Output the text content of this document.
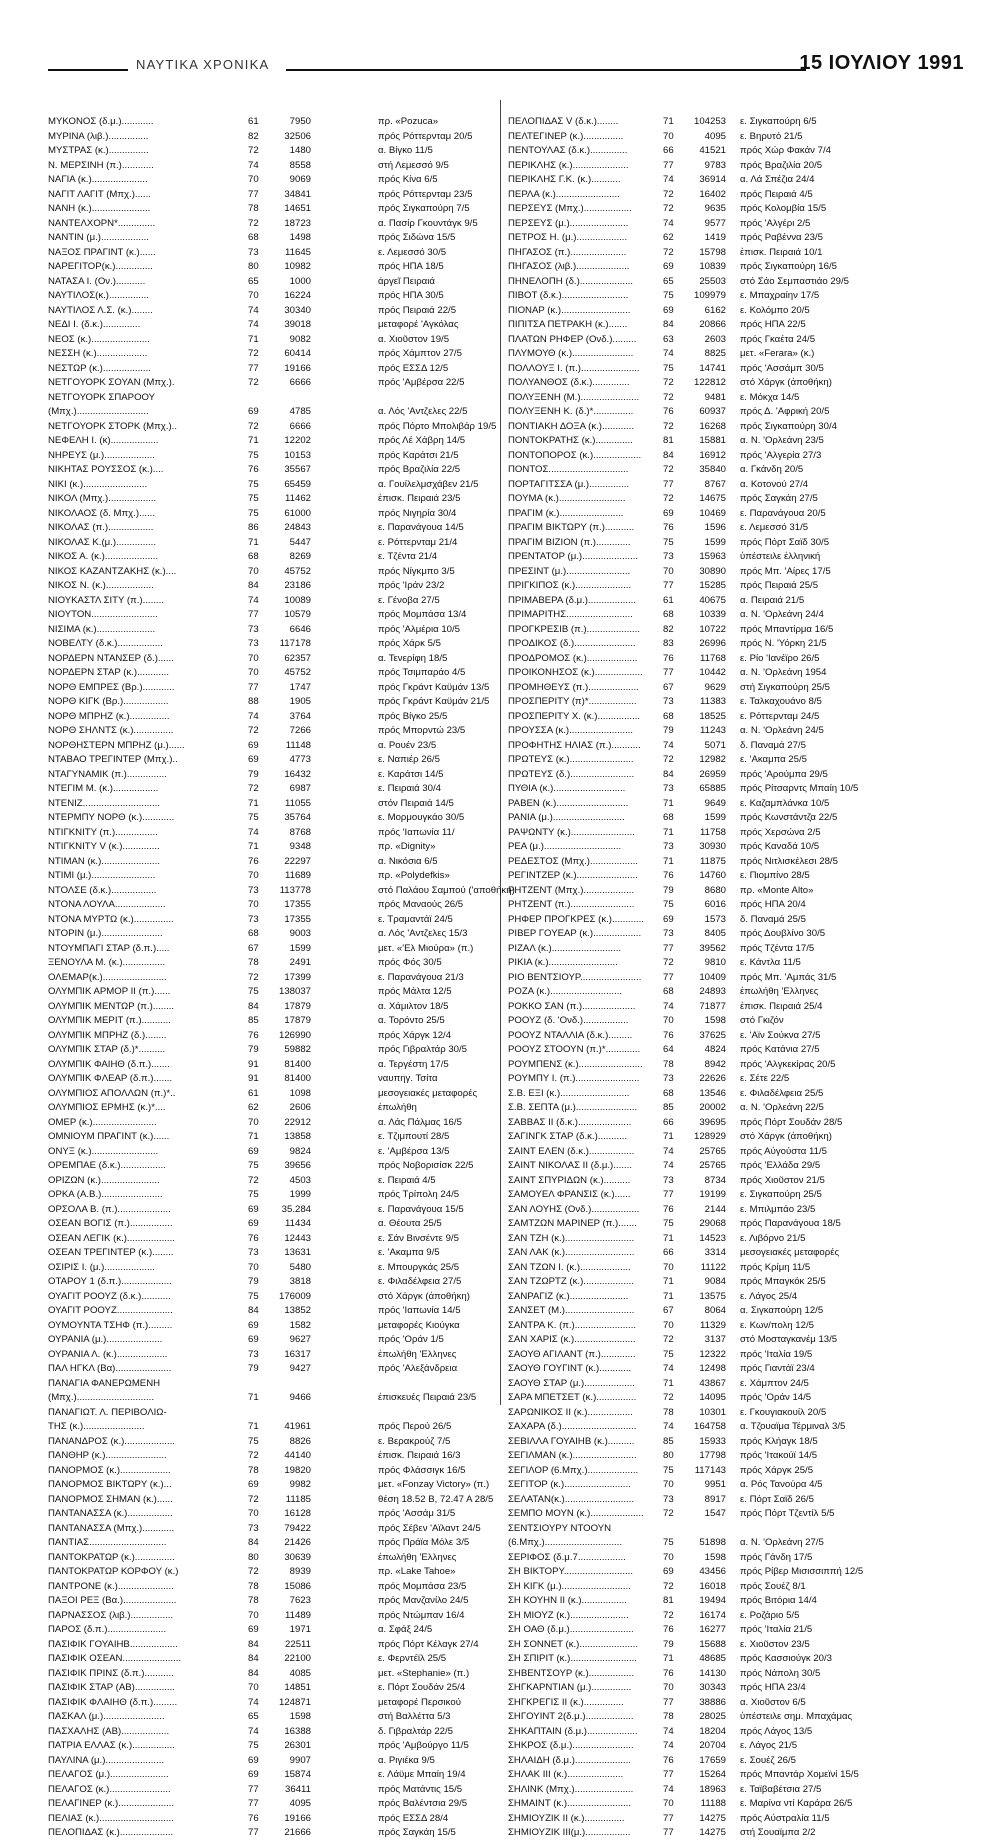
ΝΑΥΤΙΚΑ ΧΡΟΝΙΚΑ	15 ΙΟΥΛΙΟΥ 1991
ΜΥΚΟΝΟΣ (δ.μ.)............	61	7950	πρ. «Pozuca»
ΜΥΡΙΝΑ (λιβ.)...............	82	32506	πρός Ρόττερνταμ 20/5
ΜΥΣΤΡΑΣ (κ.)...............	72	1480	α. Βίγκο 11/5
Ν. ΜΕΡΣΙΝΗ (π.)............	74	8558	στή Λεμεσσό 9/5
ΝΑΓΙΑ (κ.).....................	70	9069	πρός Κίνα 6/5
ΝΑΓΙΤ ΛΑΓΙΤ (Μπχ.)......	77	34841	πρός Ρόττερνταμ 23/5
ΝΑΝΗ (κ.)......................	78	14651	πρός Σιγκαπούρη 7/5
ΝΑΝΤΕΛΧΟΡΝ*..............	72	18723	α. Πασίρ Γκουντάγκ 9/5
ΝΑΝΤΙΝ (μ.)..................	68	1498	πρός Σιδώνα 15/5
ΝΑΞΟΣ ΠΡΑΓΙΝΤ (κ.)......	73	11645	ε. Λεμεσσό 30/5
ΝΑΡΕΓΙΤΟΡ(κ.)..............	80	10982	πρός ΗΠΑ 18/5
ΝΑΤΑΣΑ Ι. (Ον.)...........	65	1000	άργεῖ Πειραιά
ΝΑΥΤΙΛΟΣ(κ.)...............	70	16224	πρός ΗΠΑ 30/5
ΝΑΥΤΙΛΟΣ Λ.Σ. (κ.)........	74	30340	πρός Πειραιά 22/5
ΝΕΔΙ Ι. (δ.κ.)..............	74	39018	μεταφορέ 'Αγκόλας
ΝΕΟΣ (κ.)......................	71	9082	α. Χιοῦστον 19/5
ΝΕΣΣΗ (κ.)...................	72	60414	πρός Χάμπτον 27/5
ΝΕΣΤΩΡ (κ.)..................	77	19166	πρός ΕΣΣΔ 12/5
ΝΕΤΓΟΥΟΡΚ ΣΟΥΑΝ (Μπχ.).	72	6666	πρός 'Αμβέρσα 22/5
ΝΕΤΓΟΥΟΡΚ ΣΠΑΡΟΟΥ
(Μπχ.)...........................	69	4785	α. Λός 'Αντζελες 22/5
ΝΕΤΓΟΥΟΡΚ ΣΤΟΡΚ (Μπχ.)..	72	6666	πρός Πόρτο Μπολιβάρ 19/5
ΝΕΦΕΛΗ Ι. (κ)..................	71	12202	πρός Λέ Χάβρη 14/5
ΝΗΡΕΥΣ (μ.)...................	75	10153	πρός Καράτσι 21/5
ΝΙΚΗΤΑΣ ΡΟΥΣΣΟΣ (κ.)....	76	35567	πρός Βραζιλία 22/5
ΝΙΚΙ (κ.)........................	75	65459	α. Γουίλελμσχάβεν 21/5
ΝΙΚΟΛ (Μπχ.)..................	75	11462	ἐπισκ. Πειραιά 23/5
ΝΙΚΟΛΑΟΣ (δ. Μπχ.)......	75	61000	πρός Νιγηρία 30/4
ΝΙΚΟΛΑΣ (π.).................	86	24843	ε. Παρανάγουα 14/5
ΝΙΚΟΛΑΣ Κ.(μ.)...............	71	5447	ε. Ρόττερνταμ 21/4
ΝΙΚΟΣ Α. (κ.)....................	68	8269	ε. Τζέντα 21/4
ΝΙΚΟΣ ΚΑΖΑΝΤΖΑΚΗΣ (κ.)....	70	45752	πρός Νίγκμπο 3/5
ΝΙΚΟΣ Ν. (κ.)..................	84	23186	πρός 'Ιράν 23/2
ΝΙΟΥΚΑΣΤΛ ΣΙΤΥ (π.)........	74	10089	ε. Γένοβα 27/5
ΝΙΟΥΤΟΝ.........................	77	10579	πρός Μομπάσα 13/4
ΝΙΣΙΜΑ (κ.)......................	73	6646	πρός 'Αλμέρια 10/5
ΝΟΒΕΛΤΥ (δ.κ.).................	73	117178	πρός Χάρκ 5/5
ΝΟΡΔΕΡΝ ΝΤΑΝΣΕΡ (δ.)......	70	62357	α. Τενερίφη 18/5
ΝΟΡΔΕΡΝ ΣΤΑΡ (κ.)............	70	45752	πρός Τσιμπαράο 4/5
ΝΟΡΘ ΕΜΠΡΕΣ (Βρ.)............	77	1747	πρός Γκράντ Καϋμάν 13/5
ΝΟΡΘ ΚΙΓΚ (Βρ.).................	88	1905	πρός Γκράντ Καϋμάν 21/5
ΝΟΡΘ ΜΠΡΗΖ (κ.)...............	74	3764	πρός Βίγκο 25/5
ΝΟΡΘ ΣΗΛΝΤΣ (κ.)...............	72	7266	πρός Μπορντώ 23/5
ΝΟΡΘΗΣΤΕΡΝ ΜΠΡΗΖ (μ.)......	69	11148	α. Ρουέν 23/5
ΝΤΑΒΑΟ ΤΡΕΓΙΝΤΕΡ (Μπχ.)..	69	4773	ε. Ναπιέρ 26/5
ΝΤΑΓΥΝΑΜΙΚ (π.)...............	79	16432	ε. Καράτσι 14/5
ΝΤΕΓΙΜ Μ. (κ.).................	72	6987	ε. Πειραιά 30/4
ΝΤΕΝΙΖ.............................	71	11055	στόν Πειραιά 14/5
ΝΤΕΡΜΠΥ ΝΟΡΘ (κ.)............	75	35764	ε. Μορμουγκάο 30/5
ΝΤΙΓΚΝΙΤΥ (π.)................	74	8768	πρός 'Ιαπωνία 11/
ΝΤΙΓΚΝΙΤΥ V (κ.)..............	71	9348	πρ. «Dignity»
ΝΤΙΜΑΝ (κ.)......................	76	22297	α. Νικόσια 6/5
ΝΤΙΜΙ (μ.)........................	70	11689	πρ. «Polydefkis»
ΝΤΟΛΣΕ (δ.κ.).................	73	113778	στό Παλάου Σαμπού ('αποθήκη)
ΝΤΟΝΑ ΛΟΥΛΑ...................	70	17355	πρός Μαναούς 26/5
ΝΤΟΝΑ ΜΥΡΤΩ (κ.)...............	73	17355	ε. Τραμαντάϊ 24/5
ΝΤΟΡΙΝ (μ.).......................	68	9003	α. Λός 'Αντζελες 15/3
ΝΤΟΥΜΠΑΓΙ ΣΤΑΡ (δ.π.).....	67	1599	μετ. «'Ελ Μιούρα» (π.)
ΞΕΝΟΥΛΑ Μ. (κ.)................	78	2491	πρός Φός 30/5
ΟΛΕΜΑΡ(κ.)........................	72	17399	ε. Παρανάγουα 21/3
ΟΛΥΜΠΙΚ ΑΡΜΟΡ ΙΙ (π.)......	75	138037	πρός Μάλτα 12/5
ΟΛΥΜΠΙΚ ΜΕΝΤΩΡ (π.)........	84	17879	α. Χάμιλτον 18/5
ΟΛΥΜΠΙΚ ΜΕΡΙΤ (π.)...........	85	17879	α. Τορόντο 25/5
ΟΛΥΜΠΙΚ ΜΠΡΗΖ (δ.)........	76	126990	πρός Χάργκ 12/4
ΟΛΥΜΠΙΚ ΣΤΑΡ (δ.)*..........	79	59882	πρός Γιβραλτάρ 30/5
ΟΛΥΜΠΙΚ ΦΑΙΗΘ (δ.π.).......	91	81400	α. Τεργέστη 17/5
ΟΛΥΜΠΙΚ ΦΛΕΑΡ (δ.π.).......	91	81400	ναυπηγ. Τσίτα
ΟΛΥΜΠΙΟΣ ΑΠΟΛΛΩΝ (π.)*..	61	1098	μεσογειακές μεταφορές
ΟΛΥΜΠΙΟΣ ΕΡΜΗΣ (κ.)*....	62	2606	ἐπωλήθη
ΟΜΕΡ (κ.)........................	70	22912	α. Λάς Πάλμας 16/5
ΟΜΝΙΟΥΜ ΠΡΑΓΙΝΤ (κ.)......	71	13858	ε. Τζιμπουτί 28/5
ΟΝΥΞ (κ.).........................	69	9824	ε. 'Αμβέρσα 13/5
ΟΡΕΜΠΑΕ (δ.κ.).................	75	39656	πρός Νοβορισίσκ 22/5
ΟΡΙΖΩΝ (κ.)......................	72	4503	ε. Πειραιά 4/5
ΟΡΚΑ (Α.Β.).......................	75	1999	πρός Τρίπολη 24/5
ΟΡΣΟΛΑ Β. (π.)....................	69	35.284	ε. Παρανάγουα 15/5
ΟΣΕΑΝ ΒΟΓΙΣ (π.)................	69	11434	α. Θέουτα 25/5
ΟΣΕΑΝ ΛΕΓΙΚ (κ.)..................	76	12443	ε. Σάν Βινσέντε 9/5
ΟΣΕΑΝ ΤΡΕΓΙΝΤΕΡ (κ.)........	73	13631	ε. 'Ακαμπα 9/5
ΟΣΙΡΙΣ Ι. (μ.)...................	70	5480	ε. Μπουργκάς 25/5
ΟΤΑΡΟΥ 1 (δ.π.)...................	79	3818	ε. Φιλαδέλφεια 27/5
ΟΥΑΓΙΤ ΡΟΟΥΖ (δ.κ.)...........	75	176009	στό Χάργκ (ἀποθήκη)
ΟΥΑΓΙΤ ΡΟΟΥΖ.....................	84	13852	πρός 'Ιαπωνία 14/5
ΟΥΜΟΥΝΤΑ ΤΣΗΦ (π.).........	69	1582	μεταφορές Κιούγκα
ΟΥΡΑΝΙΑ (μ.).....................	69	9627	πρός 'Οράν 1/5
ΟΥΡΑΝΙΑ Λ. (κ.)...................	73	16317	ἐπωλήθη 'Ελληνες
ΠΑΛ ΗΓΚΛ (Βα).....................	79	9427	πρός 'Αλεξάνδρεια
ΠΑΝΑΓΙΑ ΦΑΝΕΡΩΜΕΝΗ
(Μπχ.).............................	71	9466	ἐπισκευές Πειραιά 23/5
ΠΑΝΑΓΙΩΤ. Λ. ΠΕΡΙΒΟΛΙΩ-
ΤΗΣ (κ.).......................	71	41961	πρός Περού 26/5
ΠΑΝΑΝΔΡΟΣ (κ.)...................	75	8826	ε. Βερακρούζ 7/5
ΠΑΝΘΗΡ (κ.).......................	72	44140	ἐπισκ. Πειραιά 16/3
ΠΑΝΟΡΜΟΣ (κ.)...................	78	19820	πρός Φλάσσιγκ 16/5
ΠΑΝΟΡΜΟΣ ΒΙΚΤΩΡΥ (κ.)...	69	9982	μετ. «Fonzay Victory» (π.)
ΠΑΝΟΡΜΟΣ ΣΗΜΑΝ (κ.)......	72	11185	θέση 18.52 Β, 72.47 Α 28/5
ΠΑΝΤΑΝΑΣΣΑ (κ.).................	70	16128	πρός 'Ασσάμ 31/5
ΠΑΝΤΑΝΑΣΣΑ (Μπχ.)............	73	79422	πρός Σέβεν 'Αϊλαντ 24/5
ΠΑΝΤΙΑΣ.............................	84	21426	πρός Πράϊα Μόλε 3/5
ΠΑΝΤΟΚΡΑΤΩΡ (κ.)...............	80	30639	ἐπωλήθη 'Ελληνες
ΠΑΝΤΟΚΡΑΤΩΡ ΚΟΡΦΟΥ (κ.)	72	8939	πρ. «Lake Tahoe»
ΠΑΝΤΡΟΝΕ (κ.).....................	78	15086	πρός Μομπάσα 23/5
ΠΑΞΟΙ ΡΕΞ (Βα.)....................	78	7623	πρός Μανζανίλο 24/5
ΠΑΡΝΑΣΣΟΣ (λιβ.)................	70	11489	πρός Ντώμπαν 16/4
ΠΑΡΟΣ (δ.π.)......................	69	1971	α. Σφάξ 24/5
ΠΑΣΙΦΙΚ ΓΟΥΑΙΗΒ..................	84	22511	πρός Πόρτ Κέλαγκ 27/4
ΠΑΣΙΦΙΚ ΟΣΕΑΝ......................	84	22100	ε. Φερντέϊλ 25/5
ΠΑΣΙΦΙΚ ΠΡΙΝΣ (δ.π.)...........	84	4085	μετ. «Stephanie» (π.)
ΠΑΣΙΦΙΚ ΣΤΑΡ (ΑΒ)...............	70	14851	ε. Πόρτ Σουδάν 25/4
ΠΑΣΙΦΙΚ ΦΛΑΙΗΘ (δ.π.).........	74	124871	μεταφορέ Περσικού
ΠΑΣΚΑΛ (μ.).......................	65	1598	στή Βαλλέττα 5/3
ΠΑΣΧΑΛΗΣ (ΑΒ)..................	74	16388	δ. Γιβραλτάρ 22/5
ΠΑΤΡΙΑ ΕΛΛΑΣ (κ.)................	75	26301	πρός 'Αμβούργο 11/5
ΠΑΥΛΙΝΑ (μ.)......................	69	9907	α. Ριγιέκα 9/5
ΠΕΛΑΓΟΣ (μ.)......................	69	15874	ε. Λάϋμε Μπαίη 19/4
ΠΕΛΑΓΟΣ (κ.).......................	77	36411	πρός Ματάντις 15/5
ΠΕΛΑΓΙΝΕΡ (κ.).....................	77	4095	πρός Βαλέντσια 29/5
ΠΕΛΙΑΣ (κ.)............................	76	19166	πρός ΕΣΣΔ 28/4
ΠΕΛΟΠΙΔΑΣ (κ.)....................	77	21666	πρός Σαγκάη 15/5
ΠΕΛΟΠΙΔΑΣ V (δ.κ.)........	71	104253 ε. Σιγκαπούρη 6/5
ΠΕΛΤΕΓΙΝΕΡ (κ.)...............	70	4095 ε. Βηρυτό 21/5
ΠΕΝΤΟΥΛΑΣ (δ.κ.)..............	66	41521 πρός Χώρ Φακάν 7/4
ΠΕΡΙΚΛΗΣ (κ.).....................	77	9783 πρός Βραζιλία 20/5
ΠΕΡΙΚΛΗΣ Γ.Κ. (κ.)...........	74	36914 α. Λά Σπέζια 24/4
ΠΕΡΛΑ (κ.)........................	72	16402 πρός Πειραιά 4/5
ΠΕΡΣΕΥΣ (Μπχ.)..................	72	9635 πρός Κολομβία 15/5
ΠΕΡΣΕΥΣ (μ.)......................	74	9577 πρός 'Αλγέρι 2/5
ΠΕΤΡΟΣ Η. (μ.)...................	62	1419 πρός Ραβέννα 23/5
ΠΗΓΑΣΟΣ (π.).....................	72	15798 ἐπισκ. Πειραιά 10/1
ΠΗΓΑΣΟΣ (λιβ.)....................	69	10839 πρός Σιγκαπούρη 16/5
ΠΗΝΕΛΟΠΗ (δ.)....................	65	25503 στό Σάο Σεμπαστιάο 29/5
ΠΙΒΟΤ (δ.κ.).........................	75	109979 ε. Μπαχραίην 17/5
ΠΙΟΝΑΡ (κ.)..........................	69	6162 ε. Κολόμπο 20/5
ΠΙΠΙΤΣΑ ΠΕΤΡΑΚΗ (κ.).......	84	20866 πρός ΗΠΑ 22/5
ΠΛΑΤΩΝ ΡΗΦΕΡ (Ονδ.).........	63	2603 πρός Γκαέτα 24/5
ΠΛΥΜΟΥΘ (κ.).......................	74	8825 μετ. «Ferara» (κ.)
ΠΟΛΛΟΥΞ Ι. (π.)......................	75	14741 πρός 'Ασσάμπ 30/5
ΠΟΛΥΑΝΘΟΣ (δ.κ.)..............	72	122812 στό Χάργκ (ἀποθήκη)
ΠΟΛΥΞΕΝΗ (Μ.)......................	72	9481 ε. Μόκχα 14/5
ΠΟΛΥΞΕΝΗ Κ. (δ.)*...............	76	60937 πρός Δ. 'Αφρική 20/5
ΠΟΝΤΙΑΚΗ ΔΟΞΑ (κ.)............	72	16268 πρός Σιγκαπούρη 30/4
ΠΟΝΤΟΚΡΑΤΗΣ (κ.)..............	81	15881 α. Ν. 'Ορλεάνη 23/5
ΠΟΝΤΟΠΟΡΟΣ (κ.)..................	84	16912 πρός 'Αλγερία 27/3
ΠΟΝΤΟΣ..............................	72	35840 α. Γκάνδη 20/5
ΠΟΡΤΑΓΙΤΣΣΑ (μ.)...............	77	8767 α. Κοτονού 27/4
ΠΟΥΜΑ (κ.).........................	72	14675 πρός Σαγκάη 27/5
ΠΡΑΓΙΜ (κ.)........................	69	10469 ε. Παρανάγουα 20/5
ΠΡΑΓΙΜ ΒΙΚΤΩΡΥ (π.)...........	76	1596 ε. Λεμεσσό 31/5
ΠΡΑΓΙΜ ΒΙΖΙΟΝ (π.).............	75	1599 πρός Πόρτ Σαϊδ 30/5
ΠΡΕΝΤΑΤΟΡ (μ.).....................	73	15963 ὑπέστειλε ἑλληνική
ΠΡΕΣΙΝΤ (μ.)........................	70	30890 πρός Μπ. 'Αίρες 17/5
ΠΡΙΓΚΙΠΟΣ (κ.).....................	77	15285 πρός Πειραιά 25/5
ΠΡΙΜΑΒΕΡΑ (δ.μ.)..................	61	40675 α. Πειραιά 21/5
ΠΡΙΜΑΡΙΤΗΣ.........................	68	10339 α. Ν. 'Ορλεάνη 24/4
ΠΡΟΓΚΡΕΣΙΒ (π.)....................	82	10722 πρός Μπαντίρμα 16/5
ΠΡΟΔΙΚΟΣ (δ.).......................	83	26996 πρός Ν. 'Υόρκη 21/5
ΠΡΟΔΡΟΜΟΣ (κ.)...................	76	11768 ε. Ρίο 'Ιανέϊρο 26/5
ΠΡΟΙΚΟΝΗΣΟΣ (κ.)..................	77	10442 α. Ν. 'Ορλεάνη 1954
ΠΡΟΜΗΘΕΥΣ (π.)...................	67	9629 στή Σιγκαπούρη 25/5
ΠΡΟΣΠΕΡΙΤΥ (π)*..................	73	11383 ε. Ταλκαχουάνο 8/5
ΠΡΟΣΠΕΡΙΤΥ Χ. (κ.)................	68	18525 ε. Ρόττερνταμ 24/5
ΠΡΟΥΣΣΑ (κ.)........................	79	11243 α. Ν. 'Ορλεάνη 24/5
ΠΡΟΦΗΤΗΣ ΗΛΙΑΣ (π.)...........	74	5071 δ. Παναμά 27/5
ΠΡΩΤΕΥΣ (κ.)........................	72	12982 ε. 'Ακαμπα 25/5
ΠΡΩΤΕΥΣ (δ.)........................	84	26959 πρός 'Αρούμπα 29/5
ΠΥΘΙΑ (κ.)...........................	73	65885 πρός Ρίτσαρντς Μπαίη 10/5
ΡΑΒΕΝ (κ.)...........................	71	9649 ε. Καζαμπλάνκα 10/5
ΡΑΝΙΑ (μ.)...........................	68	1599 πρός Κωνστάντζα 22/5
ΡΑΨΩΝΤΥ (κ.)........................	71	11758 πρός Χερσώνα 2/5
ΡΕΑ (μ.).............................	73	30930 πρός Καναδά 10/5
ΡΕΔΕΣΤΟΣ (Μπχ.)..................	71	11875 πρός Νιτλισκέλεσι 28/5
ΡΕΓΙΝΤΖΕΡ (κ.).......................	76	14760 ε. Πιομπίνο 28/5
ΡΗΤΖΕΝΤ (Μπχ.)...................	79	8680 πρ. «Monte Alto»
ΡΗΤΖΕΝΤ (π.)........................	75	6016 πρός ΗΠΑ 20/4
ΡΗΦΕΡ ΠΡΟΓΚΡΕΣ (κ.)............	69	1573 δ. Παναμά 25/5
ΡΙΒΕΡ ΓΟΥΕΑΡ (κ.)..................	73	8405 πρός Δουβλίνο 30/5
ΡΙΖΑΛ (κ.)..........................	77	39562 πρός Τζέντα 17/5
ΡΙΚΙΑ (κ.)..........................	72	9810 ε. Κάντλα 11/5
ΡΙΟ ΒΕΝΤΣΙΟΥΡ.......................	77	10409 πρός Μπ. 'Αμπάς 31/5
ΡΟΖΑ (κ.)...........................	68	24893 ἐπωλήθη 'Ελληνες
ΡΟΚΚΟ ΣΑΝ (π.)....................	74	71877 ἐπισκ. Πειραιά 25/4
ΡΟΟΥΖ (δ. 'Ονδ.).................	70	1598 στό Γκιζόν
ΡΟΟΥΖ ΝΤΑΛΛΙΑ (δ.κ.).........	76	37625 ε. 'Αϊν Σούκνα 27/5
ΡΟΟΥΖ ΣΤΟΟΥΝ (π.)*.............	64	4824 πρός Κατάνια 27/5
ΡΟΥΜΠΕΝΣ (κ.)........................	78	8942 πρός 'Αλγκεκίρας 20/5
ΡΟΥΜΠΥ Ι. (π.)........................	73	22626 ε. Σέτε 22/5
Σ.Β. ΕΞΙ (κ.)..........................	68	13546 ε. Φιλαδέλφεια 25/5
Σ.Β. ΣΕΠΤΑ (μ.).......................	85	20002 α. Ν. 'Ορλεάνη 22/5
ΣΑΒΒΑΣ ΙΙ (δ.κ.)....................	66	39695 πρός Πόρτ Σουδάν 28/5
ΣΑΓΙΝΓΚ ΣΤΑΡ (δ.κ.)...........	71	128929 στό Χάργκ (ἀποθήκη)
ΣΑΙΝΤ ΕΛΕΝ (δ.κ.).................	74	25765 πρός Αὐγούστα 11/5
ΣΑΙΝΤ ΝΙΚΟΛΑΣ ΙΙ (δ.μ.).......	74	25765 πρός 'Ελλάδα 29/5
ΣΑΙΝΤ ΣΠΥΡΙΔΩΝ (κ.)..........	73	8734 πρός Χιοῦστον 21/5
ΣΑΜΟΥΕΛ ΦΡΑΝΣΙΣ (κ.)......	77	19199 ε. Σιγκαπούρη 25/5
ΣΑΝ ΛΟΥΗΣ (Ονδ.)..................	76	2144 ε. Μπιλμπάο 23/5
ΣΑΜΤΖΩΝ ΜΑΡΙΝΕΡ (π.).......	75	29068 πρός Παρανάγουα 18/5
ΣΑΝ ΤΖΗ (κ.)..........................	71	14523 ε. Λιβόρνο 21/5
ΣΑΝ ΛΑΚ (κ.)..........................	66	3314 μεσογειακές μεταφορές
ΣΑΝ ΤΖΩΝ Ι. (κ.)...................	70	11122 πρός Κρίμη 11/5
ΣΑΝ ΤΖΩΡΤΖ (κ.)...................	71	9084 πρός Μπαγκόκ 25/5
ΣΑΝΡΑΓΙΖ (κ.)......................	71	13575 ε. Λάγος 25/4
ΣΑΝΣΕΤ (Μ.)..........................	67	8064 α. Σιγκαπούρη 12/5
ΣΑΝΤΡΑ Κ. (π.).......................	70	11329 ε. Κων/πολη 12/5
ΣΑΝ ΧΑΡΙΣ (κ.).......................	72	3137 στό Μοσταγκανέμ 13/5
ΣΑΟΥΘ ΑΓΙΛΑΝΤ (π.).............	75	12322 πρός 'Ιταλία 19/5
ΣΑΟΥΘ ΓΟΥΓΙΝΤ (κ.)............	74	12498 πρός Γιαντάϊ 23/4
ΣΑΟΥΘ ΣΤΑΡ (μ.)...................	71	43867 ε. Χάμπτον 24/5
ΣΑΡΑ ΜΠΕΤΣΕΤ (κ.)...............	72	14095 πρός 'Οράν 14/5
ΣΑΡΩΝΙΚΟΣ ΙΙ (κ.).................	78	10301 ε. Γκουγιακουίλ 20/5
ΣΑΧΑΡΑ (δ.)............................	74	164758 α. Τζουαϊμα Τέρμιναλ 3/5
ΣΕΒΙΛΛΑ ΓΟΥΑΙΗΒ (κ.)..........	85	15933 πρός Κλήαγκ 18/5
ΣΕΓΙΛΜΑΝ (κ.)........................	80	17798 πρός 'Ιτακούϊ 14/5
ΣΕΓΙΛΟΡ (6.Μπχ.)...................	75	117143 πρός Χάργκ 25/5
ΣΕΓΙΤΟΡ (κ.).........................	70	9951 α. Ρός Τανούρα 4/5
ΣΕΛΑΤΑΝ(κ.)..........................	73	8917 ε. Πόρτ Σαϊδ 26/5
ΣΕΜΠΟ ΜΟΥΝ (κ.)....................	72	1547 πρός Πόρτ Τζεντίλ 5/5
ΣΕΝΤΣΙΟΥΡΥ ΝΤΟΟΥΝ
(6.Μπχ.).............................	75	51898 α. Ν. 'Ορλεάνη 27/5
ΣΕΡΙΦΟΣ (δ.μ.7..................	70	1598 πρός Γάνδη 17/5
ΣΗ ΒΙΚΤΟΡΥ..........................	69	43456 πρός Ρίβερ Μισισσιππή 12/5
ΣΗ ΚΙΓΚ (μ.)..........................	72	16018 πρός Σουέζ 8/1
ΣΗ ΚΟΥΗΝ ΙΙ (κ.).................	81	19494 πρός Βιτόρια 14/4
ΣΗ ΜΙΟΥΖ (κ.)......................	72	16174 ε. Ροζάριο 5/5
ΣΗ ΟΑΘ (δ.μ.)........................	76	16277 πρός 'Ιταλία 21/5
ΣΗ ΣΟΝΝΕΤ (κ.)......................	79	15688 ε. Χιοῦστον 23/5
ΣΗ ΣΠΙΡΙΤ (κ.).........................	71	48685 πρός Κασσιούγκ 20/3
ΣΗΒΕΝΤΣΟΥΡ (κ.).................	76	14130 πρός Νάπολη 30/5
ΣΗΓΚΑΡΝΤΙΑΝ (μ.)...............	70	30343 πρός ΗΠΑ 23/4
ΣΗΓΚΡΕΓΙΣ ΙΙ (κ.)...............	77	38886 α. Χιοῦστον 6/5
ΣΗΓΟΥΙΝΤ 2(δ.μ.)..................	78	28025 ὑπέστειλε σημ. Μπαχάμας
ΣΗΚΑΠΤΑΙΝ (δ.μ.)...................	74	18204 πρός Λάγος 13/5
ΣΗΚΡΟΣ (δ.μ.).......................	74	20704 ε. Λάγος 21/5
ΣΗΛΑΙΔΗ (δ.μ.).....................	76	17659 ε. Σουέζ 26/5
ΣΗΛΑΚ ΙΙΙ (κ.).....................	77	15264 πρός Μπαντάρ Χομεϊνί 15/5
ΣΗΛΙΝΚ (Μπχ.)......................	74	18963 ε. Ταϊβαβέτσια 27/5
ΣΗΜΑΙΝΤ (κ.)........................	70	11188 ε. Μαρίνα ντί Καράρα 26/5
ΣΗΜΙΟΥΖΙΚ ΙΙ (κ.)...............	77	14275 πρός Αὐστραλία 11/5
ΣΗΜΙΟΥΖΙΚ ΙΙΙ(μ.).................	77	14275 στή Σουαϊμπα 2/2
